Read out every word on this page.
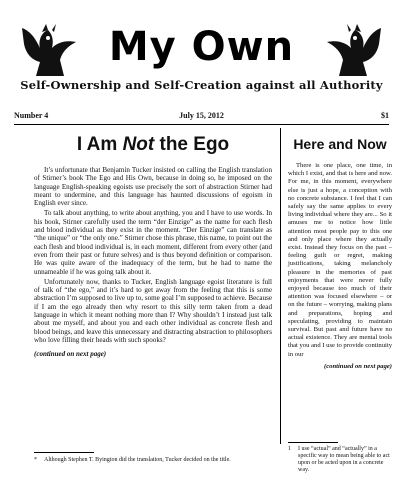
My Own
Self-Ownership and Self-Creation against all Authority
Number 4	July 15, 2012	$1
I Am Not the Ego

It’s unfortunate that Benjamin Tucker insisted on calling the English translation of Stirner’s book The Ego and His Own, because in doing so, he imposed on the language English-speaking egoists use precisely the sort of abstraction Stirner had meant to undermine, and this language has haunted discussions of egoism in English ever since.

To talk about anything, to write about anything, you and I have to use words. In his book, Stirner carefully used the term “der Einzige” as the name for each flesh and blood individual as they exist in the moment. “Der Einzige” can translate as “the unique” or “the only one.” Stirner chose this phrase, this name, to point out the each flesh and blood individual is, in each moment, different from every other (and even from their past or future selves) and is thus beyond definition or comparison. He was quite aware of the inadequacy of the term, but he had to name the unnameable if he was going talk about it.

Unfortunately now, thanks to Tucker, English language egoist literature is full of talk of “the ego,” and it’s hard to get away from the feeling that this is some abstraction I’m supposed to live up to, some goal I’m supposed to achieve. Because if I am the ego already then why resort to this silly term taken from a dead language in which it meant nothing more than I? Why shouldn’t I instead just talk about me myself, and about you and each other individual as concrete flesh and blood beings, and leave this unnecessary and distracting abstraction to philosophers who love filling their heads with such spooks?

(continued on next page)

Here and Now

There is one place, one time, in which I exist, and that is here and now. For me, in this moment, everywhere else is just a hope, a conception with no concrete substance. I feel that I can safely say the same applies to every living individual where they are... So it amuses me to notice how little attention most people pay to this one and only place where they actually exist. Instead they focus on the past – feeling guilt or regret, making justifications, taking melancholy pleasure in the memories of past enjoyments that were never fully enjoyed because too much of their attention was focused elsewhere – or on the future – worrying, making plans and preparations, hoping and speculating, providing to maintain survival. But past and future have no actual existence. They are mental tools that you and I use to provide continuity in our

(continued on next page)

* Although Stephen T. Byington did the translation, Tucker decided on the title.
1	I use “actual” and “actually” in a specific way to mean being able to act upon or be acted upon in a concrete way.
